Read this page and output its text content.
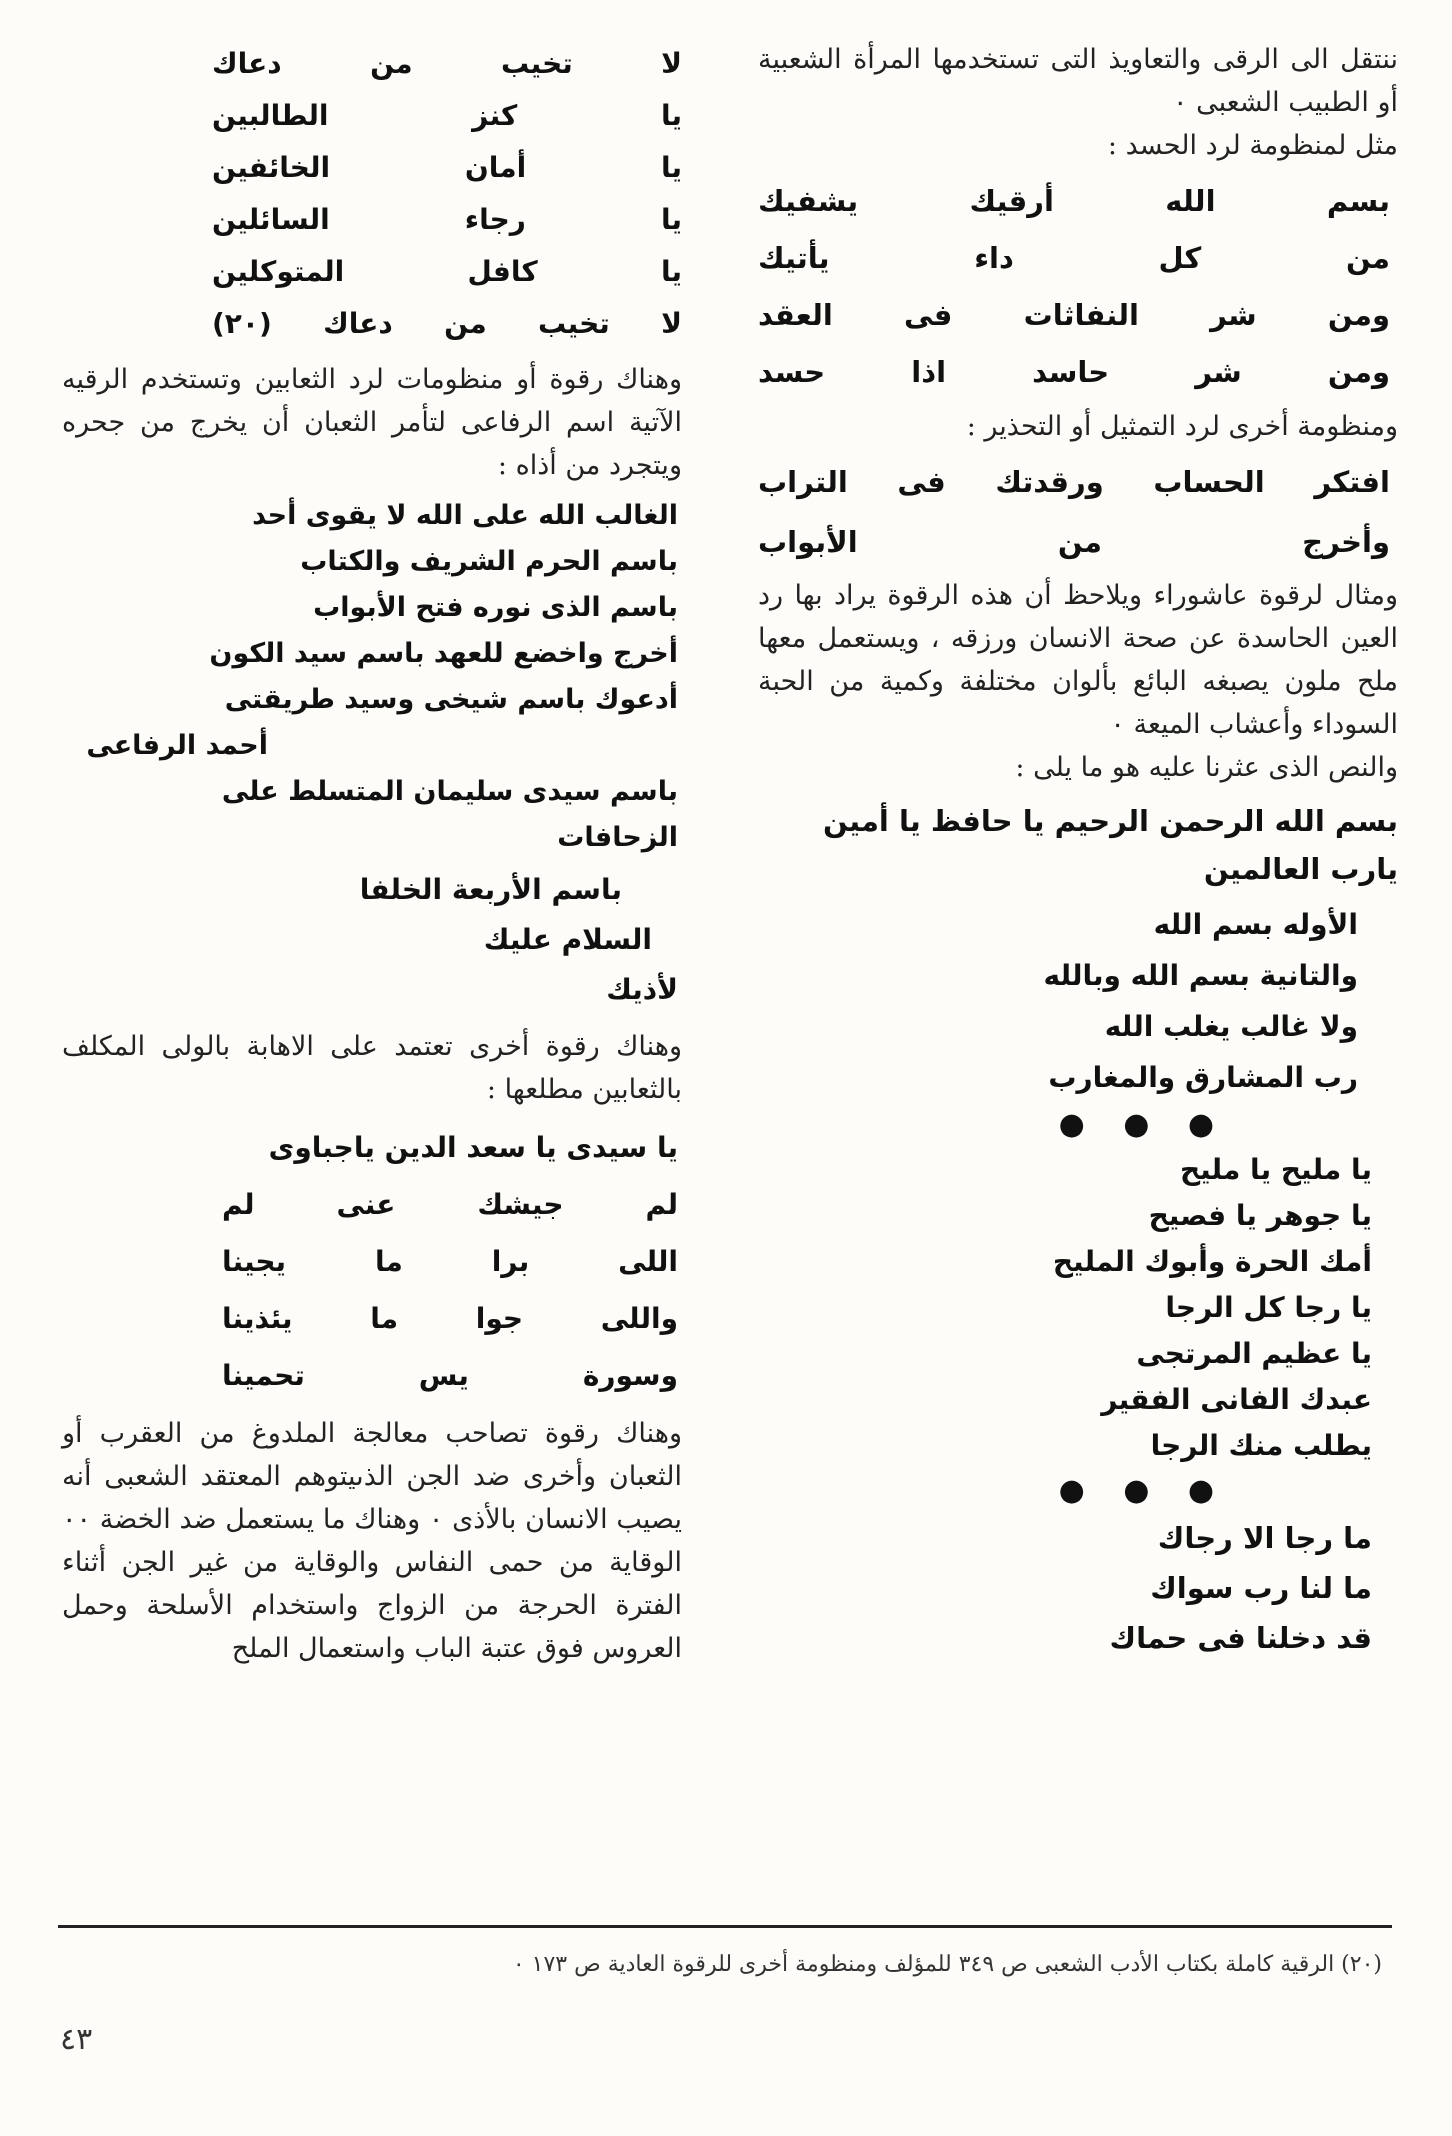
ننتقل الى الرقى والتعاويذ التى تستخدمها المرأة الشعبية أو الطبيب الشعبى ٠

مثل لمنظومة لرد الحسد :

بسم الله أرقيك يشفيك
من كل داء يأتيك
ومن شر النفاثات فى العقد
ومن شر حاسد اذا حسد

ومنظومة أخرى لرد التمثيل أو التحذير :

افتكر الحساب ورقدتك فى التراب
وأخرج من الأبواب

ومثال لرقوة عاشوراء ويلاحظ أن هذه الرقوة يراد بها رد العين الحاسدة عن صحة الانسان ورزقه ، ويستعمل معها ملح ملون يصبغه البائع بألوان مختلفة وكمية من الحبة السوداء وأعشاب الميعة ٠

والنص الذى عثرنا عليه هو ما يلى :

بسم الله الرحمن الرحيم يا حافظ يا أمين يارب العالمين
الأوله بسم الله
والتانية بسم الله وبالله
ولا غالب يغلب الله
رب المشارق والمغارب
● ● ●
يا مليح يا مليح
يا جوهر يا فصيح
أمك الحرة وأبوك المليح
يا رجا كل الرجا
يا عظيم المرتجى
عبدك الفانى الفقير
يطلب منك الرجا
● ● ●
ما رجا الا رجاك
ما لنا رب سواك
قد دخلنا فى حماك
لا تخيب من دعاك
يا كنز الطالبين
يا أمان الخائفين
يا رجاء السائلين
يا كافل المتوكلين
لا تخيب من دعاك (٢٠)

وهناك رقوة أو منظومات لرد الثعابين وتستخدم الرقيه الآتية اسم الرفاعى لتأمر الثعبان أن يخرج من جحره ويتجرد من أذاه :

الغالب الله على الله لا يقوى أحد
باسم الحرم الشريف والكتاب
باسم الذى نوره فتح الأبواب
أخرج واخضع للعهد باسم سيد الكون
أدعوك باسم شيخى وسيد طريقتى
أحمد الرفاعى
باسم سيدى سليمان المتسلط على
الزحافات
باسم الأربعة الخلفا
السلام عليك
لأذيك

وهناك رقوة أخرى تعتمد على الاهابة بالولى المكلف بالثعابين مطلعها :

يا سيدى يا سعد الدين ياجباوى
لم جيشك عنى لم
اللى برا ما يجينا
واللى جوا ما يئذينا
وسورة يس تحمينا

وهناك رقوة تصاحب معالجة الملدوغ من العقرب أو الثعبان وأخرى ضد الجن الذىيتوهم المعتقد الشعبى أنه يصيب الانسان بالأذى ٠ وهناك ما يستعمل ضد الخضة ٠٠ الوقاية من حمى النفاس والوقاية من غير الجن أثناء الفترة الحرجة من الزواج واستخدام الأسلحة وحمل العروس فوق عتبة الباب واستعمال الملح

(٢٠) الرقية كاملة بكتاب الأدب الشعبى ص ٣٤٩ للمؤلف ومنظومة أخرى للرقوة العادية ص ١٧٣ ٠
٤٣
